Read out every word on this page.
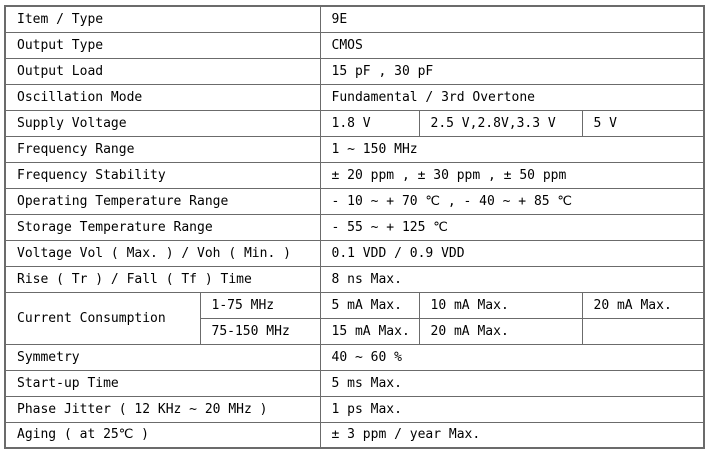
Item / Type		9E		
Output Type		CMOS		
Output Load		15 pF , 30 pF		
Oscillation Mode		Fundamental / 3rd Overtone		
Supply Voltage		1.8 V	2.5 V,2.8V,3.3 V	5 V
Frequency Range		1 ~ 150 MHz		
Frequency Stability		± 20 ppm , ± 30 ppm , ± 50 ppm		
Operating Temperature Range		- 10 ~ + 70 ℃ , - 40 ~ + 85 ℃		
Storage Temperature Range		- 55 ~ + 125 ℃		
Voltage Vol ( Max. ) / Voh ( Min. )		0.1 VDD / 0.9 VDD		
Rise ( Tr ) / Fall ( Tf ) Time		8 ns Max.		
Current Consumption	1-75 MHz	5 mA Max.	10 mA Max.	20 mA Max.
	75-150 MHz	15 mA Max.	20 mA Max.	
Symmetry		40 ~ 60 %		
Start-up Time		5 ms Max.		
Phase Jitter ( 12 KHz ~ 20 MHz )		1 ps Max.		
Aging ( at 25℃ )		± 3 ppm / year Max.		
